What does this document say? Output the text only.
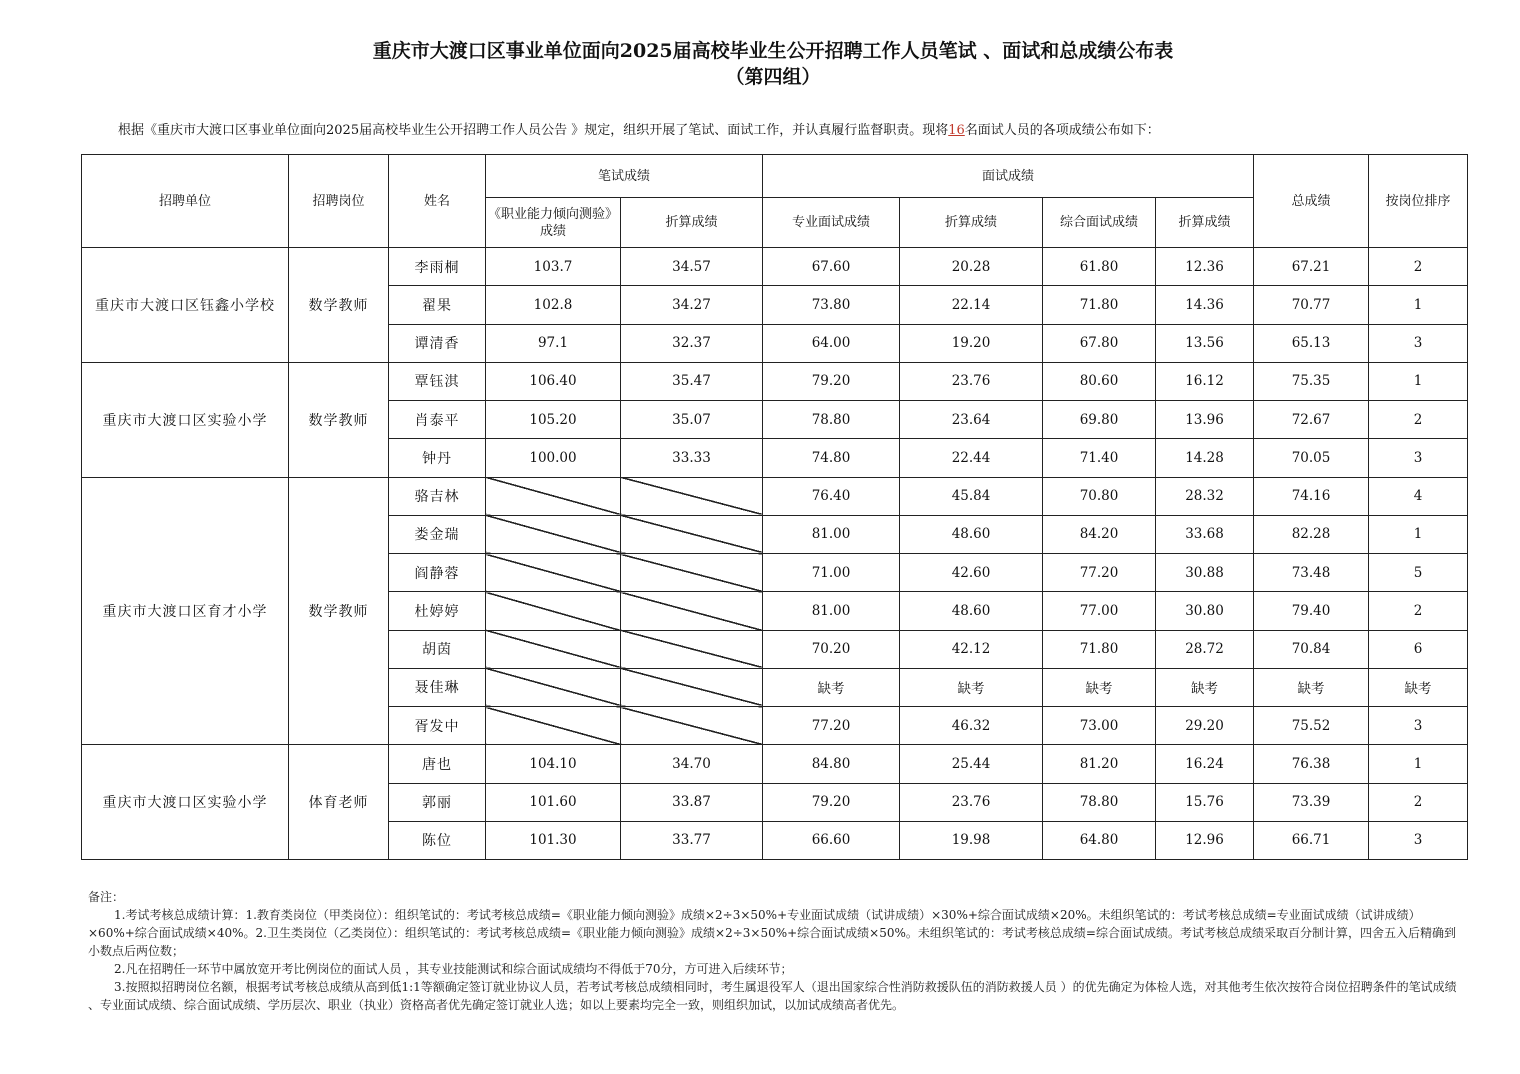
重庆市大渡口区事业单位面向2025届高校毕业生公开招聘工作人员笔试 、面试和总成绩公布表
（第四组）
根据《重庆市大渡口区事业单位面向2025届高校毕业生公开招聘工作人员公告 》规定，组织开展了笔试、面试工作，并认真履行监督职责。现将16名面试人员的各项成绩公布如下：
招聘单位	招聘岗位	姓名	笔试成绩		面试成绩				总成绩	按岗位排序
			《职业能力倾向测验》成绩	折算成绩	专业面试成绩	折算成绩	综合面试成绩	折算成绩		
重庆市大渡口区钰鑫小学校	数学教师	李雨桐	103.7	34.57	67.60	20.28	61.80	12.36	67.21	2
		翟果	102.8	34.27	73.80	22.14	71.80	14.36	70.77	1
		谭清香	97.1	32.37	64.00	19.20	67.80	13.56	65.13	3
重庆市大渡口区实验小学	数学教师	覃钰淇	106.40	35.47	79.20	23.76	80.60	16.12	75.35	1
		肖泰平	105.20	35.07	78.80	23.64	69.80	13.96	72.67	2
		钟丹	100.00	33.33	74.80	22.44	71.40	14.28	70.05	3
重庆市大渡口区育才小学	数学教师	骆吉林			76.40	45.84	70.80	28.32	74.16	4
		娄金瑞			81.00	48.60	84.20	33.68	82.28	1
		阎静蓉			71.00	42.60	77.20	30.88	73.48	5
		杜婷婷			81.00	48.60	77.00	30.80	79.40	2
		胡茵			70.20	42.12	71.80	28.72	70.84	6
		聂佳琳			缺考	缺考	缺考	缺考	缺考	缺考
		胥发中			77.20	46.32	73.00	29.20	75.52	3
重庆市大渡口区实验小学	体育老师	唐也	104.10	34.70	84.80	25.44	81.20	16.24	76.38	1
		郭丽	101.60	33.87	79.20	23.76	78.80	15.76	73.39	2
		陈位	101.30	33.77	66.60	19.98	64.80	12.96	66.71	3

备注：

1.考试考核总成绩计算：1.教育类岗位（甲类岗位）：组织笔试的：考试考核总成绩=《职业能力倾向测验》成绩×2÷3×50%+专业面试成绩（试讲成绩）×30%+综合面试成绩×20%。未组织笔试的：考试考核总成绩=专业面试成绩（试讲成绩）×60%+综合面试成绩×40%。2.卫生类岗位（乙类岗位）：组织笔试的：考试考核总成绩=《职业能力倾向测验》成绩×2÷3×50%+综合面试成绩×50%。未组织笔试的：考试考核总成绩=综合面试成绩。考试考核总成绩采取百分制计算，四舍五入后精确到小数点后两位数；

2.凡在招聘任一环节中属放宽开考比例岗位的面试人员 ，其专业技能测试和综合面试成绩均不得低于70分，方可进入后续环节；

3.按照拟招聘岗位名额，根据考试考核总成绩从高到低1:1等额确定签订就业协议人员，若考试考核总成绩相同时，考生属退役军人（退出国家综合性消防救援队伍的消防救援人员 ）的优先确定为体检人选，对其他考生依次按符合岗位招聘条件的笔试成绩 、专业面试成绩、综合面试成绩、学历层次、职业（执业）资格高者优先确定签订就业人选；如以上要素均完全一致，则组织加试，以加试成绩高者优先。
